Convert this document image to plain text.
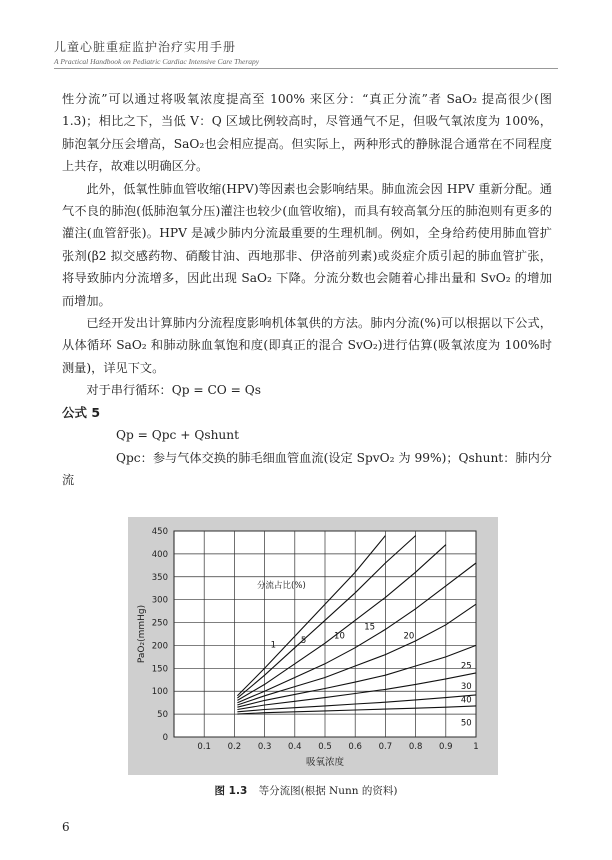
儿童心脏重症监护治疗实用手册
A Practical Handbook on Pediatric Cardiac Intensive Care Therapy

性分流”可以通过将吸氧浓度提高至 100% 来区分：“真正分流”者 SaO₂ 提高很少(图 1.3)；相比之下，当低 V：Q 区域比例较高时，尽管通气不足，但吸气氧浓度为 100%，肺泡氧分压会增高，SaO₂也会相应提高。但实际上，两种形式的静脉混合通常在不同程度上共存，故难以明确区分。

此外，低氧性肺血管收缩(HPV)等因素也会影响结果。肺血流会因 HPV 重新分配。通气不良的肺泡(低肺泡氧分压)灌注也较少(血管收缩)，而具有较高氧分压的肺泡则有更多的灌注(血管舒张)。HPV 是减少肺内分流最重要的生理机制。例如，全身给药使用肺血管扩张剂(β2 拟交感药物、硝酸甘油、西地那非、伊洛前列素)或炎症介质引起的肺血管扩张，将导致肺内分流增多，因此出现 SaO₂ 下降。分流分数也会随着心排出量和 SvO₂ 的增加而增加。

已经开发出计算肺内分流程度影响机体氧供的方法。肺内分流(%)可以根据以下公式，从体循环 SaO₂ 和肺动脉血氧饱和度(即真正的混合 SvO₂)进行估算(吸氧浓度为 100%时测量)，详见下文。

对于串行循环：Qp = CO = Qs

公式 5

Qp = Qpc + Qshunt

Qpc：参与气体交换的肺毛细血管血流(设定 SpvO₂ 为 99%)；Qshunt：肺内分流

0
50
100
150
200
250
300
350
400
450
0.1 0.2 0.3 0.4 0.5 0.6 0.7 0.8 0.9 1
吸氧浓度
PaO₂(mmHg)
分流占比(%)
1	5	10
15
20
25
30
40
50
图 1.3 等分流图(根据 Nunn 的资料)
6
